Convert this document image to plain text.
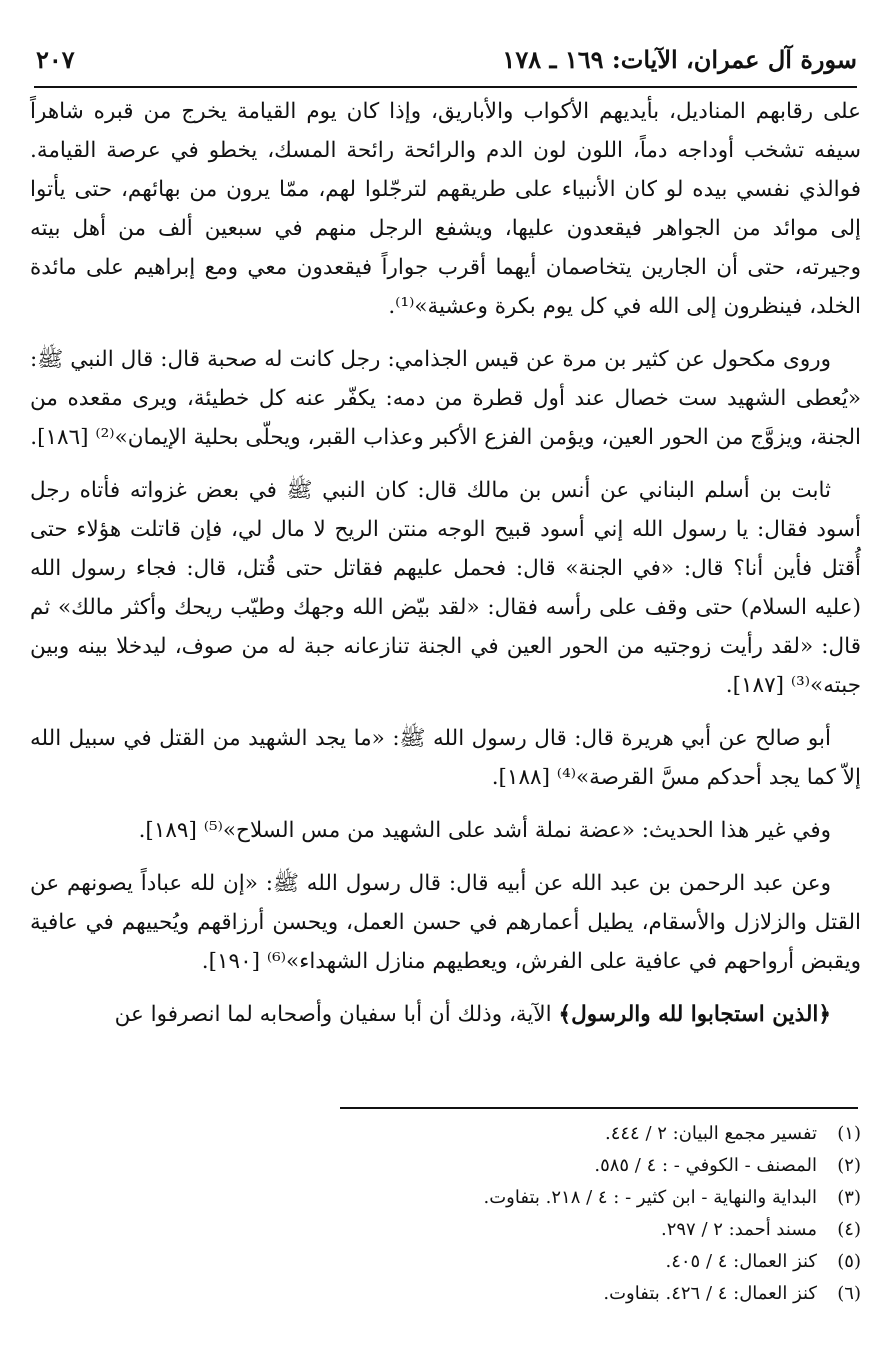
سورة آل عمران، الآيات: ١٦٩ ـ ١٧٨
٢٠٧

على رقابهم المناديل، بأيديهم الأكواب والأباريق، وإذا كان يوم القيامة يخرج من قبره شاهراً سيفه تشخب أوداجه دماً، اللون لون الدم والرائحة رائحة المسك، يخطو في عرصة القيامة. فوالذي نفسي بيده لو كان الأنبياء على طريقهم لترجّلوا لهم، ممّا يرون من بهائهم، حتى يأتوا إلى موائد من الجواهر فيقعدون عليها، ويشفع الرجل منهم في سبعين ألف من أهل بيته وجيرته، حتى أن الجارين يتخاصمان أيهما أقرب جواراً فيقعدون معي ومع إبراهيم على مائدة الخلد، فينظرون إلى الله في كل يوم بكرة وعشية»⁽¹⁾.

وروى مكحول عن كثير بن مرة عن قيس الجذامي: رجل كانت له صحبة قال: قال النبي ﷺ: «يُعطى الشهيد ست خصال عند أول قطرة من دمه: يكفّر عنه كل خطيئة، ويرى مقعده من الجنة، ويزوَّج من الحور العين، ويؤمن الفزع الأكبر وعذاب القبر، ويحلّى بحلية الإيمان»⁽²⁾ [١٨٦].

ثابت بن أسلم البناني عن أنس بن مالك قال: كان النبي ﷺ في بعض غزواته فأتاه رجل أسود فقال: يا رسول الله إني أسود قبيح الوجه منتن الريح لا مال لي، فإن قاتلت هؤلاء حتى أُقتل فأين أنا؟ قال: «في الجنة» قال: فحمل عليهم فقاتل حتى قُتل، قال: فجاء رسول الله (عليه السلام) حتى وقف على رأسه فقال: «لقد بيّض الله وجهك وطيّب ريحك وأكثر مالك» ثم قال: «لقد رأيت زوجتيه من الحور العين في الجنة تنازعانه جبة له من صوف، ليدخلا بينه وبين جبته»⁽³⁾ [١٨٧].

أبو صالح عن أبي هريرة قال: قال رسول الله ﷺ: «ما يجد الشهيد من القتل في سبيل الله إلاّ كما يجد أحدكم مسَّ القرصة»⁽⁴⁾ [١٨٨].

وفي غير هذا الحديث: «عضة نملة أشد على الشهيد من مس السلاح»⁽⁵⁾ [١٨٩].

وعن عبد الرحمن بن عبد الله عن أبيه قال: قال رسول الله ﷺ: «إن لله عباداً يصونهم عن القتل والزلازل والأسقام، يطيل أعمارهم في حسن العمل، ويحسن أرزاقهم ويُحييهم في عافية ويقبض أرواحهم في عافية على الفرش، ويعطيهم منازل الشهداء»⁽⁶⁾ [١٩٠].

﴿الذين استجابوا لله والرسول﴾ الآية، وذلك أن أبا سفيان وأصحابه لما انصرفوا عن

(١)
تفسير مجمع البيان: ٢ / ٤٤٤.
(٢)
المصنف - الكوفي - : ٤ / ٥٨٥.
(٣)
البداية والنهاية - ابن كثير - : ٤ / ٢١٨. بتفاوت.
(٤)
مسند أحمد: ٢ / ٢٩٧.
(٥)
كنز العمال: ٤ / ٤٠٥.
(٦)
كنز العمال: ٤ / ٤٢٦. بتفاوت.
